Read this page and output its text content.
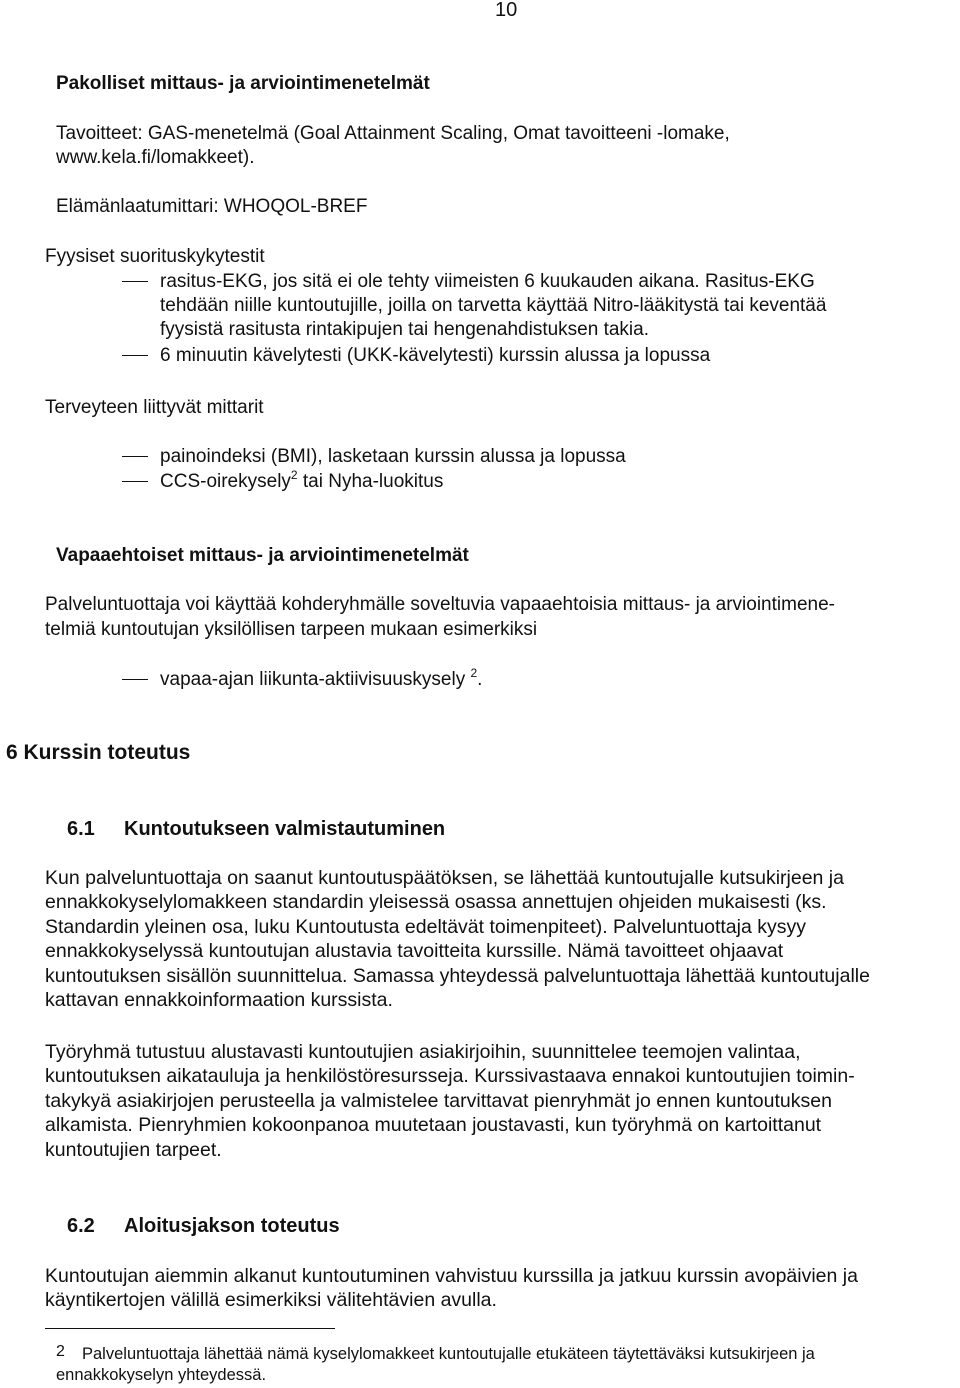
10
Pakolliset mittaus- ja arviointimenetelmät
Tavoitteet: GAS-menetelmä (Goal Attainment Scaling, Omat tavoitteeni -lomake,
www.kela.fi/lomakkeet).
Elämänlaatumittari: WHOQOL-BREF
Fyysiset suorituskykytestit
rasitus-EKG, jos sitä ei ole tehty viimeisten 6 kuukauden aikana. Rasitus-EKG
tehdään niille kuntoutujille, joilla on tarvetta käyttää Nitro-lääkitystä tai keventää
fyysistä rasitusta rintakipujen tai hengenahdistuksen takia.
6 minuutin kävelytesti (UKK-kävelytesti) kurssin alussa ja lopussa
Terveyteen liittyvät mittarit
painoindeksi (BMI), lasketaan kurssin alussa ja lopussa
CCS-oirekysely$^2$ tai Nyha-luokitus
Vapaaehtoiset mittaus- ja arviointimenetelmät
Palveluntuottaja voi käyttää kohderyhmälle soveltuvia vapaaehtoisia mittaus- ja arviointimene-
telmiä kuntoutujan yksilöllisen tarpeen mukaan esimerkiksi
vapaa-ajan liikunta-aktiivisuuskysely $^2$.
6 Kurssin toteutus
6.1 Kuntoutukseen valmistautuminen
Kun palveluntuottaja on saanut kuntoutuspäätöksen, se lähettää kuntoutujalle kutsukirjeen ja
ennakkokyselylomakkeen standardin yleisessä osassa annettujen ohjeiden mukaisesti (ks.
Standardin yleinen osa, luku Kuntoutusta edeltävät toimenpiteet). Palveluntuottaja kysyy
ennakkokyselyssä kuntoutujan alustavia tavoitteita kurssille. Nämä tavoitteet ohjaavat
kuntoutuksen sisällön suunnittelua. Samassa yhteydessä palveluntuottaja lähettää kuntoutujalle
kattavan ennakkoinformaation kurssista.
Työryhmä tutustuu alustavasti kuntoutujien asiakirjoihin, suunnittelee teemojen valintaa,
kuntoutuksen aikatauluja ja henkilöstöresursseja. Kurssivastaava ennakoi kuntoutujien toimin-
takykyä asiakirjojen perusteella ja valmistelee tarvittavat pienryhmät jo ennen kuntoutuksen
alkamista. Pienryhmien kokoonpanoa muutetaan joustavasti, kun työryhmä on kartoittanut
kuntoutujien tarpeet.
6.2 Aloitusjakson toteutus
Kuntoutujan aiemmin alkanut kuntoutuminen vahvistuu kurssilla ja jatkuu kurssin avopäivien ja
käyntikertojen välillä esimerkiksi välitehtävien avulla.
2 Palveluntuottaja lähettää nämä kyselylomakkeet kuntoutujalle etukäteen täytettäväksi kutsukirjeen ja
ennakkokyselyn yhteydessä.
